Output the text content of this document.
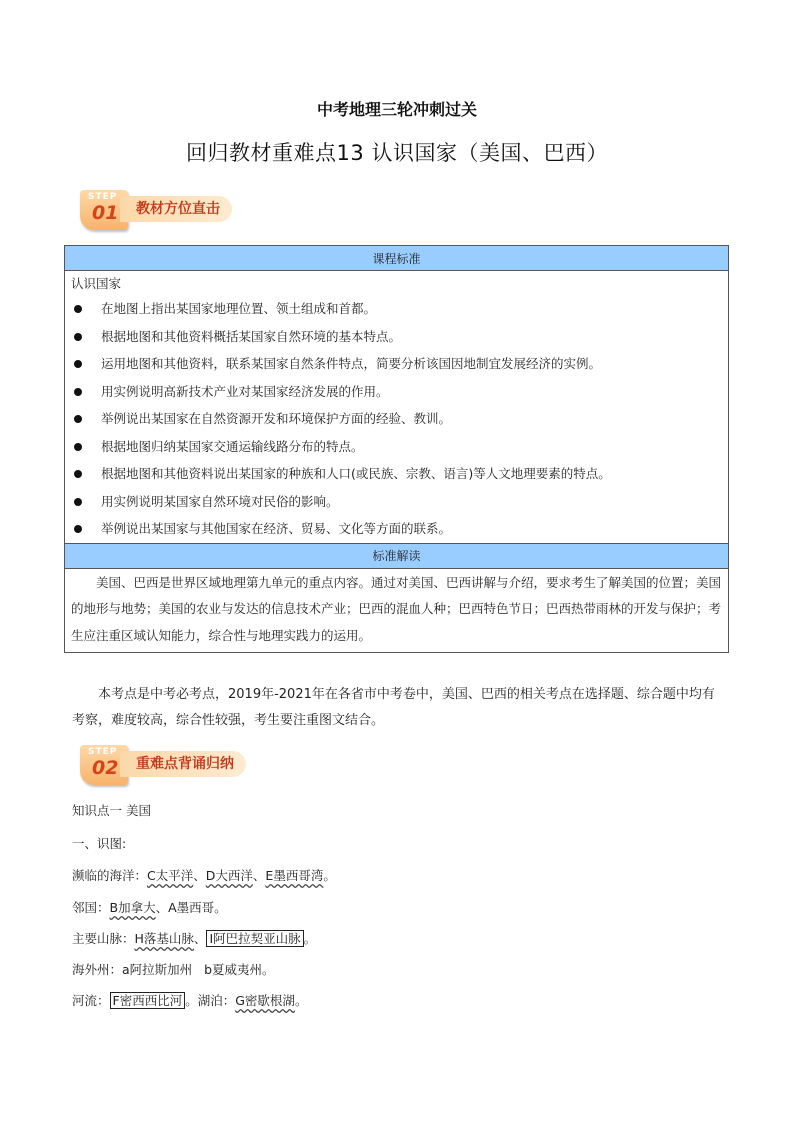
中考地理三轮冲刺过关
回归教材重难点13 认识国家（美国、巴西）
STEP
01	教材方位直击
课程标准

认识国家
在地图上指出某国家地理位置、领土组成和首都。
根据地图和其他资料概括某国家自然环境的基本特点。
运用地图和其他资料，联系某国家自然条件特点，简要分析该国因地制宜发展经济的实例。
用实例说明高新技术产业对某国家经济发展的作用。
举例说出某国家在自然资源开发和环境保护方面的经验、教训。
根据地图归纳某国家交通运输线路分布的特点。
根据地图和其他资料说出某国家的种族和人口(或民族、宗教、语言)等人文地理要素的特点。
用实例说明某国家自然环境对民俗的影响。
举例说出某国家与其他国家在经济、贸易、文化等方面的联系。

标准解读
美国、巴西是世界区域地理第九单元的重点内容。通过对美国、巴西讲解与介绍，要求考生了解美国的位置；美国的地形与地势；美国的农业与发达的信息技术产业；巴西的混血人种；巴西特色节日；巴西热带雨林的开发与保护；考生应注重区域认知能力，综合性与地理实践力的运用。
本考点是中考必考点，2019年-2021年在各省市中考卷中，美国、巴西的相关考点在选择题、综合题中均有考察，难度较高，综合性较强，考生要注重图文结合。
STEP
02	重难点背诵归纳
知识点一 美国
一、识图:
濒临的海洋：C太平洋、D大西洋、E墨西哥湾。
邻国：B加拿大、A墨西哥。
主要山脉：H落基山脉、 I阿巴拉契亚山脉 。
海外州：a阿拉斯加州 b夏威夷州。
河流： F密西西比河 。湖泊：G密歇根湖。
